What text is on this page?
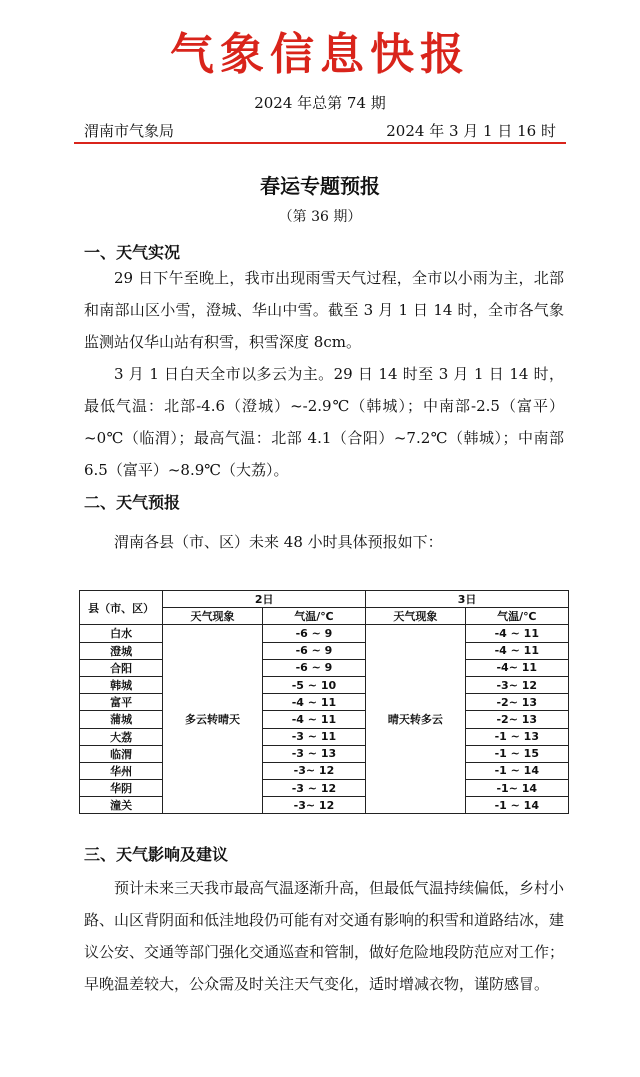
气象信息快报
2024 年总第 74 期
渭南市气象局	2024 年 3 月 1 日 16 时
春运专题预报
（第 36 期）
一、天气实况
29 日下午至晚上，我市出现雨雪天气过程，全市以小雨为主，北部和南部山区小雪，澄城、华山中雪。截至 3 月 1 日 14 时，全市各气象监测站仅华山站有积雪，积雪深度 8cm。
3 月 1 日白天全市以多云为主。29 日 14 时至 3 月 1 日 14 时，最低气温：北部-4.6（澄城）~-2.9℃（韩城）；中南部-2.5（富平）~0℃（临渭）；最高气温：北部 4.1（合阳）~7.2℃（韩城）；中南部 6.5（富平）~8.9℃（大荔）。
二、天气预报
渭南各县（市、区）未来 48 小时具体预报如下：
县（市、区）	2日		3日	
	天气现象	气温/℃	天气现象	气温/℃
白水	多云转晴天	-6 ~ 9	晴天转多云	-4 ~ 11
澄城		-6 ~ 9		-4 ~ 11
合阳		-6 ~ 9		-4~ 11
韩城		-5 ~ 10		-3~ 12
富平		-4 ~ 11		-2~ 13
蒲城		-4 ~ 11		-2~ 13
大荔		-3 ~ 11		-1 ~ 13
临渭		-3 ~ 13		-1 ~ 15
华州		-3~ 12		-1 ~ 14
华阴		-3 ~ 12		-1~ 14
潼关		-3~ 12		-1 ~ 14
三、天气影响及建议
预计未来三天我市最高气温逐渐升高，但最低气温持续偏低，乡村小路、山区背阴面和低洼地段仍可能有对交通有影响的积雪和道路结冰，建议公安、交通等部门强化交通巡查和管制，做好危险地段防范应对工作；早晚温差较大，公众需及时关注天气变化，适时增减衣物，谨防感冒。
